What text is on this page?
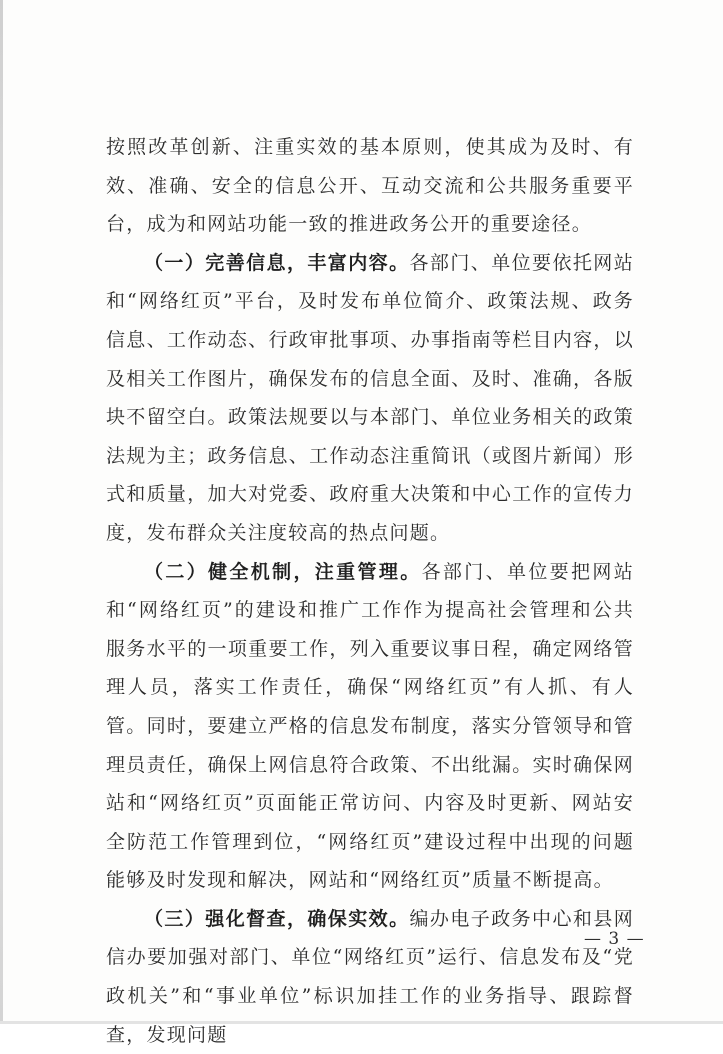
按照改革创新、注重实效的基本原则，使其成为及时、有效、准确、安全的信息公开、互动交流和公共服务重要平台，成为和网站功能一致的推进政务公开的重要途径。

（一）完善信息，丰富内容。各部门、单位要依托网站和“网络红页”平台，及时发布单位简介、政策法规、政务信息、工作动态、行政审批事项、办事指南等栏目内容，以及相关工作图片，确保发布的信息全面、及时、准确，各版块不留空白。政策法规要以与本部门、单位业务相关的政策法规为主；政务信息、工作动态注重简讯（或图片新闻）形式和质量，加大对党委、政府重大决策和中心工作的宣传力度，发布群众关注度较高的热点问题。

（二）健全机制，注重管理。各部门、单位要把网站和“网络红页”的建设和推广工作作为提高社会管理和公共服务水平的一项重要工作，列入重要议事日程，确定网络管理人员，落实工作责任，确保“网络红页”有人抓、有人管。同时，要建立严格的信息发布制度，落实分管领导和管理员责任，确保上网信息符合政策、不出纰漏。实时确保网站和“网络红页”页面能正常访问、内容及时更新、网站安全防范工作管理到位，“网络红页”建设过程中出现的问题能够及时发现和解决，网站和“网络红页”质量不断提高。

（三）强化督查，确保实效。编办电子政务中心和县网信办要加强对部门、单位“网络红页”运行、信息发布及“党政机关”和“事业单位”标识加挂工作的业务指导、跟踪督查，发现问题

— 3 —
